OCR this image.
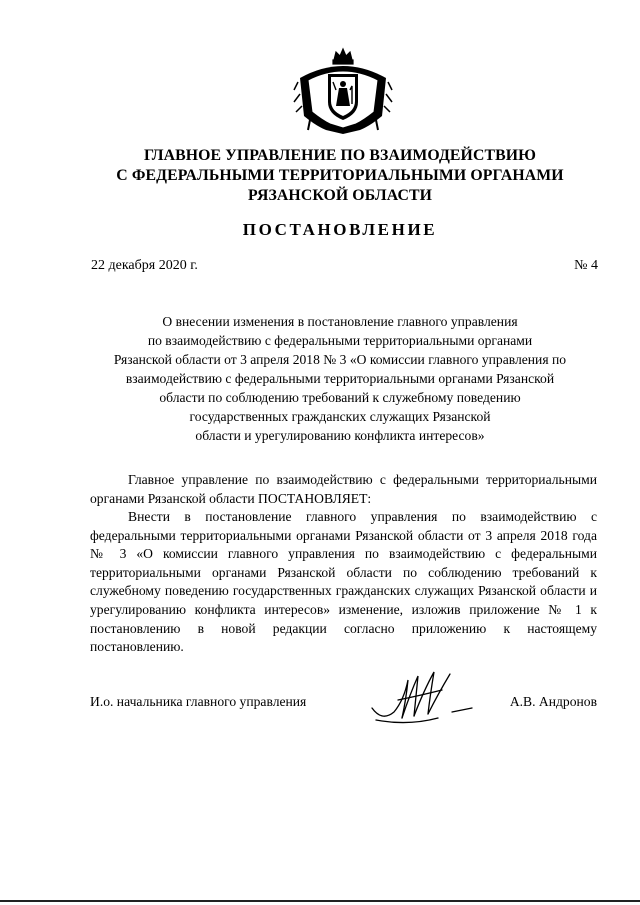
ГЛАВНОЕ УПРАВЛЕНИЕ ПО ВЗАИМОДЕЙСТВИЮ
С ФЕДЕРАЛЬНЫМИ ТЕРРИТОРИАЛЬНЫМИ ОРГАНАМИ
РЯЗАНСКОЙ ОБЛАСТИ
ПОСТАНОВЛЕНИЕ
22 декабря 2020 г.	№ 4
О внесении изменения в постановление главного управления
по взаимодействию с федеральными территориальными органами
Рязанской области от 3 апреля 2018 № 3 «О комиссии главного управления по
взаимодействию с федеральными территориальными органами Рязанской
области по соблюдению требований к служебному поведению
государственных гражданских служащих Рязанской
области и урегулированию конфликта интересов»
Главное управление по взаимодействию с федеральными территориальными органами Рязанской области ПОСТАНОВЛЯЕТ:
Внести в постановление главного управления по взаимодействию с федеральными территориальными органами Рязанской области от 3 апреля 2018 года № 3 «О комиссии главного управления по взаимодействию с федеральными территориальными органами Рязанской области по соблюдению требований к служебному поведению государственных гражданских служащих Рязанской области и урегулированию конфликта интересов» изменение, изложив приложение № 1 к постановлению в новой редакции согласно приложению к настоящему постановлению.
И.о. начальника главного управления	А.В. Андронов
